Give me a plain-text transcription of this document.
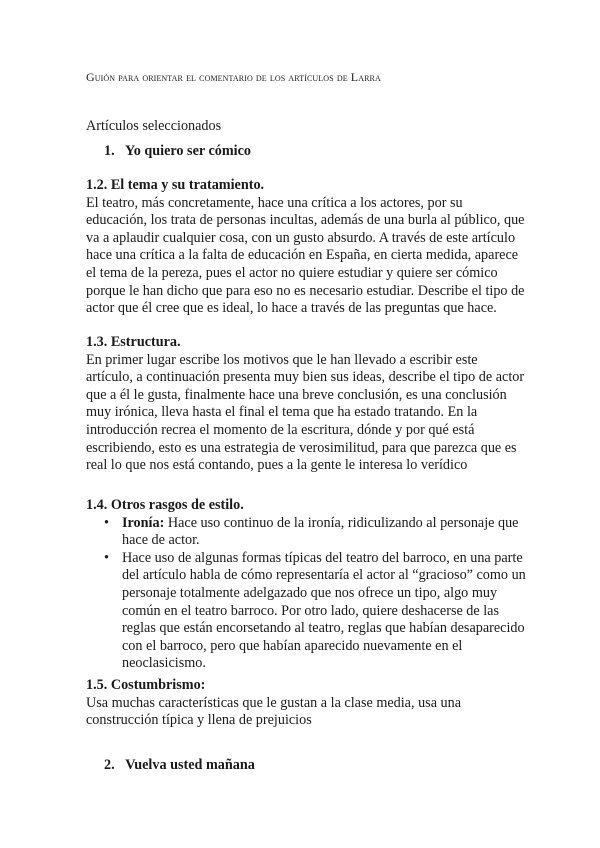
Guión para orientar el comentario de los artículos de Larra
Artículos seleccionados
1. Yo quiero ser cómico

1.2. El tema y su tratamiento.

El teatro, más concretamente, hace una crítica a los actores, por su educación, los trata de personas incultas, además de una burla al público, que va a aplaudir cualquier cosa, con un gusto absurdo. A través de este artículo hace una crítica a la falta de educación en España, en cierta medida, aparece el tema de la pereza, pues el actor no quiere estudiar y quiere ser cómico porque le han dicho que para eso no es necesario estudiar. Describe el tipo de actor que él cree que es ideal, lo hace a través de las preguntas que hace.

1.3. Estructura.

En primer lugar escribe los motivos que le han llevado a escribir este artículo, a continuación presenta muy bien sus ideas, describe el tipo de actor que a él le gusta, finalmente hace una breve conclusión, es una conclusión muy irónica, lleva hasta el final el tema que ha estado tratando. En la introducción recrea el momento de la escritura, dónde y por qué está escribiendo, esto es una estrategia de verosimilitud, para que parezca que es real lo que nos está contando, pues a la gente le interesa lo verídico

1.4. Otros rasgos de estilo.

• Ironía: Hace uso continuo de la ironía, ridiculizando al personaje que hace de actor.
• Hace uso de algunas formas típicas del teatro del barroco, en una parte del artículo habla de cómo representaría el actor al “gracioso” como un personaje totalmente adelgazado que nos ofrece un tipo, algo muy común en el teatro barroco. Por otro lado, quiere deshacerse de las reglas que están encorsetando al teatro, reglas que habían desaparecido con el barroco, pero que habían aparecido nuevamente en el neoclasicismo.

1.5. Costumbrismo:

Usa muchas características que le gustan a la clase media, usa una construcción típica y llena de prejuicios

2. Vuelva usted mañana
